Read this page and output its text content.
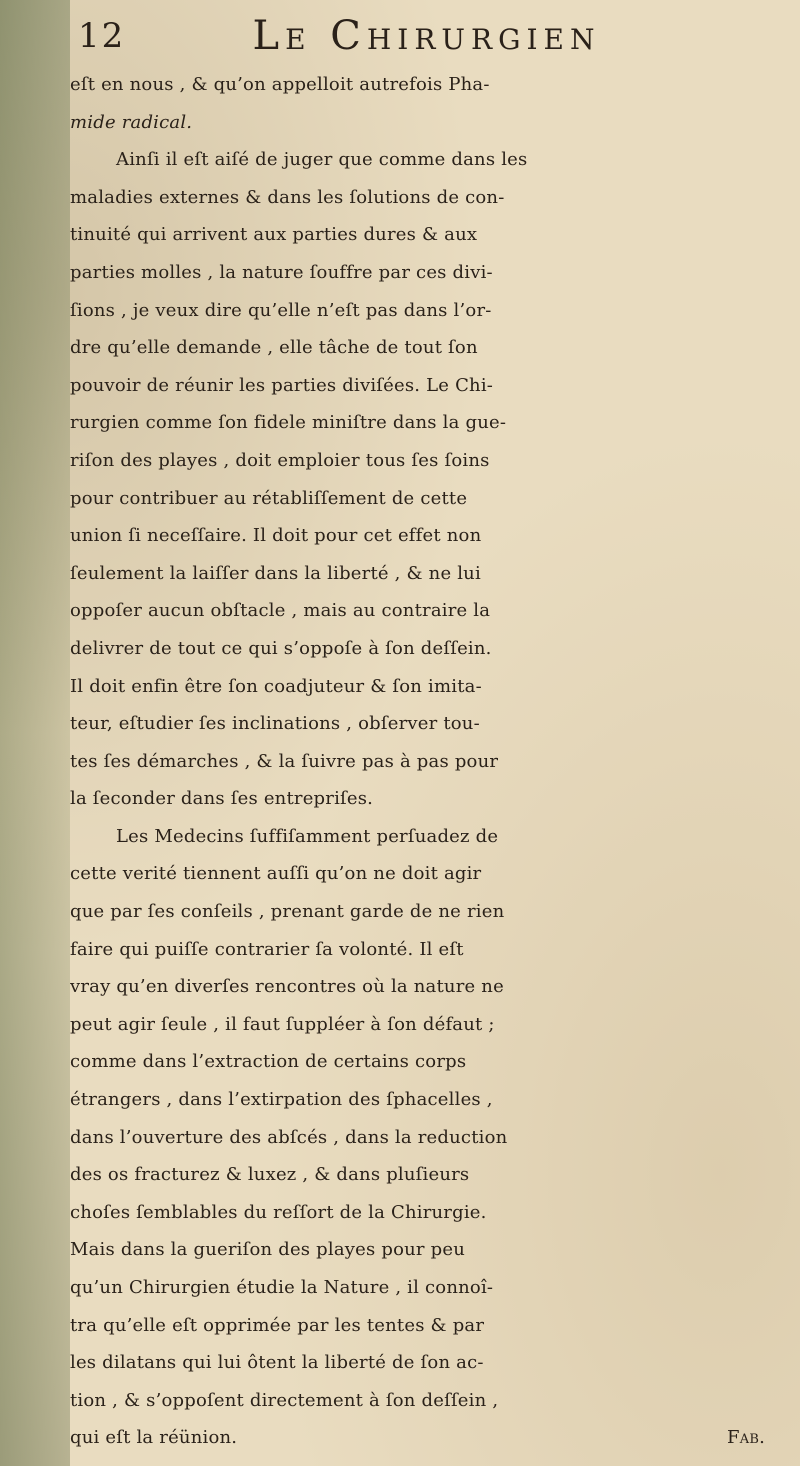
12	Le Chirurgien
eſt en nous , & qu’on appelloit autrefois Pha-
mide radical.
Ainſi il eſt aiſé de juger que comme dans les
maladies externes & dans les ſolutions de con-
tinuité qui arrivent aux parties dures & aux
parties molles , la nature ſouffre par ces divi-
ſions , je veux dire qu’elle n’eſt pas dans l’or-
dre qu’elle demande , elle tâche de tout ſon
pouvoir de réunir les parties diviſées. Le Chi-
rurgien comme ſon fidele miniſtre dans la gue-
riſon des playes , doit emploier tous ſes ſoins
pour contribuer au rétabliſſement de cette
union ſi neceſſaire. Il doit pour cet effet non
ſeulement la laiſſer dans la liberté , & ne lui
oppoſer aucun obſtacle , mais au contraire la
delivrer de tout ce qui s’oppoſe à ſon deſſein.
Il doit enfin être ſon coadjuteur & ſon imita-
teur, eſtudier ſes inclinations , obſerver tou-
tes ſes démarches , & la ſuivre pas à pas pour
la ſeconder dans ſes entrepriſes.
Les Medecins ſuffiſamment perſuadez de
cette verité tiennent auſſi qu’on ne doit agir
que par ſes conſeils , prenant garde de ne rien
faire qui puiſſe contrarier ſa volonté. Il eſt
vray qu’en diverſes rencontres où la nature ne
peut agir ſeule , il faut ſuppléer à ſon défaut ;
comme dans l’extraction de certains corps
étrangers , dans l’extirpation des ſphacelles ,
dans l’ouverture des abſcés , dans la reduction
des os fracturez & luxez , & dans pluſieurs
choſes ſemblables du reſſort de la Chirurgie.
Mais dans la gueriſon des playes pour peu
qu’un Chirurgien étudie la Nature , il connoî-
tra qu’elle eſt opprimée par les tentes & par
les dilatans qui lui ôtent la liberté de ſon ac-
tion , & s’oppoſent directement à ſon deſſein ,
qui eſt la réünion.	Fab.
